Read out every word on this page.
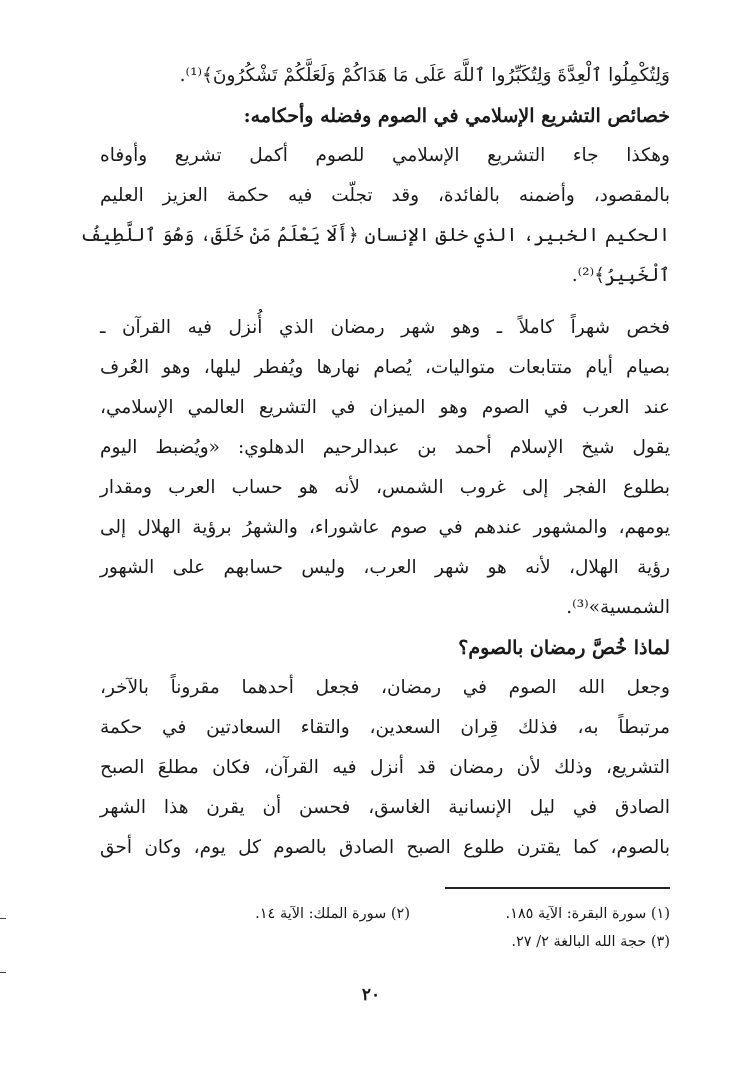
وَلِتُكْمِلُوا ٱلْعِدَّةَ وَلِتُكَبِّرُوا ٱللَّهَ عَلَى مَا هَدَاكُمْ وَلَعَلَّكُمْ تَشْكُرُونَ﴾⁽¹⁾.

خصائص التشريع الإسلامي في الصوم وفضله وأحكامه:

وهكذا جاء التشريع الإسلامي للصوم أكمل تشريع وأوفاه

بالمقصود، وأضمنه بالفائدة، وقد تجلّت فيه حكمة العزيز العليم

الحكيم الخبير، الذي خلق الإنسان ﴿أَلَا يَعْلَمُ مَنْ خَلَقَ، وَهُوَ ٱللَّطِيفُ

ٱلْخَبِيرُ﴾⁽²⁾.

فخص شهراً كاملاً ـ وهو شهر رمضان الذي أُنزل فيه القرآن ـ

بصيام أيام متتابعات متواليات، يُصام نهارها ويُفطر ليلها، وهو العُرف

عند العرب في الصوم وهو الميزان في التشريع العالمي الإسلامي،

يقول شيخ الإسلام أحمد بن عبدالرحيم الدهلوي: «ويُضبط اليوم

بطلوع الفجر إلى غروب الشمس، لأنه هو حساب العرب ومقدار

يومهم، والمشهور عندهم في صوم عاشوراء، والشهرُ برؤية الهلال إلى

رؤية الهلال، لأنه هو شهر العرب، وليس حسابهم على الشهور

الشمسية»⁽³⁾.

لماذا خُصَّ رمضان بالصوم؟

وجعل الله الصوم في رمضان، فجعل أحدهما مقروناً بالآخر،

مرتبطاً به، فذلك قِران السعدين، والتقاء السعادتين في حكمة

التشريع، وذلك لأن رمضان قد أنزل فيه القرآن، فكان مطلعَ الصبح

الصادق في ليل الإنسانية الغاسق، فحسن أن يقرن هذا الشهر

بالصوم، كما يقترن طلوع الصبح الصادق بالصوم كل يوم، وكان أحق

(١) سورة البقرة: الآية ١٨٥.
(٢) سورة الملك: الآية ١٤.
(٣) حجة الله البالغة ٢/ ٢٧.
٢٠
